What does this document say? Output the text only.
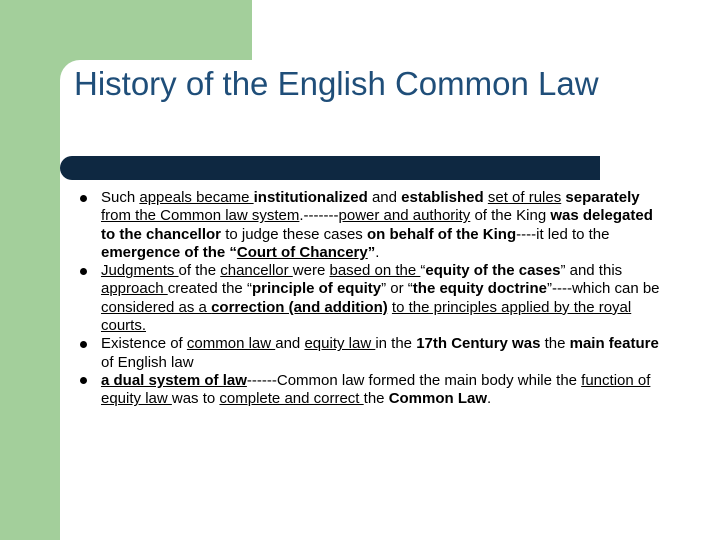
History of the English Common Law
Such appeals became institutionalized and established set of rules separately from the Common law system.-------power and authority of the King was delegated to the chancellor to judge these cases on behalf of the King----it led to the emergence of the “Court of Chancery”.
Judgments of the chancellor were based on the “equity of the cases” and this approach created the “principle of equity” or “the equity doctrine”----which can be considered as a correction (and addition) to the principles applied by the royal courts.
Existence of common law and equity law in the 17th Century was the main feature of English law
a dual system of law------Common law formed the main body while the function of equity law was to complete and correct the Common Law.
